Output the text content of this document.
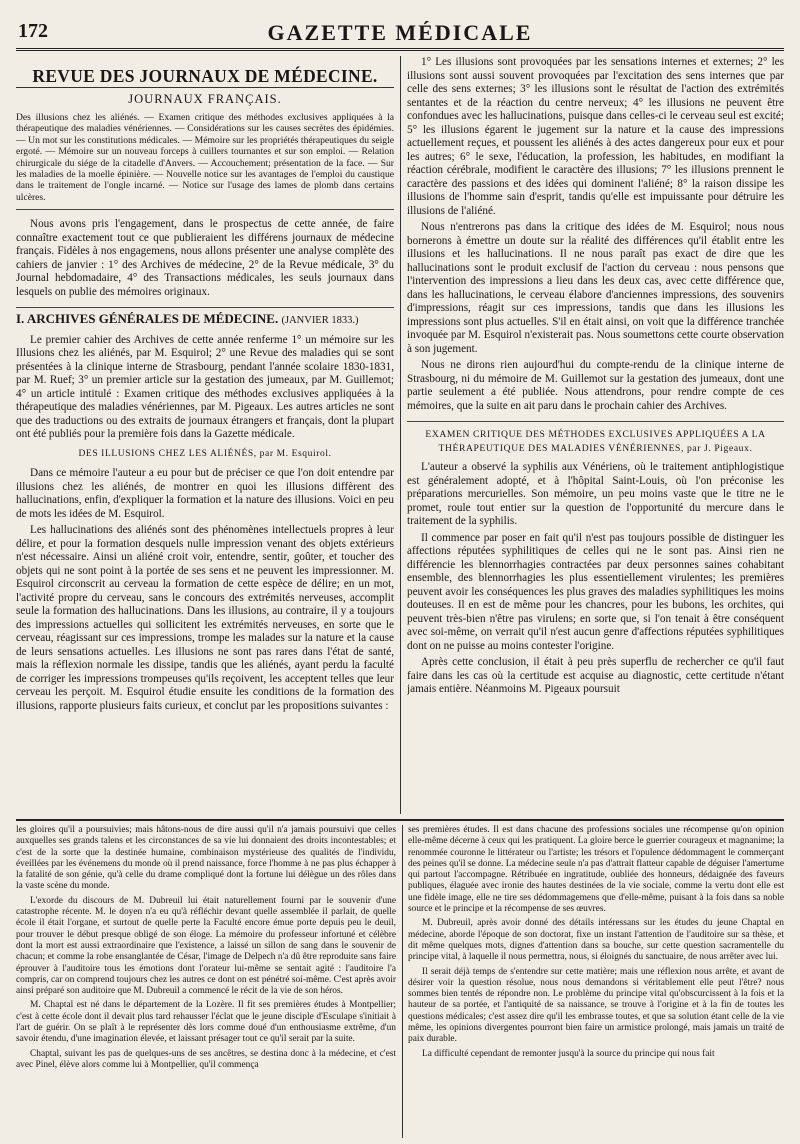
172	GAZETTE MÉDICALE
REVUE DES JOURNAUX DE MÉDECINE.
JOURNAUX FRANÇAIS.
Des illusions chez les aliénés. — Examen critique des méthodes exclusives appliquées à la thérapeutique des maladies vénériennes. — Considérations sur les causes secrètes des épidémies. — Un mot sur les constitutions médicales. — Mémoire sur les propriétés thérapeutiques du seigle ergoté. — Mémoire sur un nouveau forceps à cuillers tournantes et sur son emploi. — Relation chirurgicale du siége de la citadelle d'Anvers. — Accouchement; présentation de la face. — Sur les maladies de la moelle épinière. — Nouvelle notice sur les avantages de l'emploi du caustique dans le traitement de l'ongle incarné. — Notice sur l'usage des lames de plomb dans certains ulcères.

Nous avons pris l'engagement, dans le prospectus de cette année, de faire connaître exactement tout ce que publieraient les différens journaux de médecine français. Fidèles à nos engagemens, nous allons présenter une analyse complète des cahiers de janvier : 1° des Archives de médecine, 2° de la Revue médicale, 3° du Journal hebdomadaire, 4° des Transactions médicales, les seuls journaux dans lesquels on publie des mémoires originaux.

I. ARCHIVES GÉNÉRALES DE MÉDECINE. (JANVIER 1833.)

Le premier cahier des Archives de cette année renferme 1° un mémoire sur les Illusions chez les aliénés, par M. Esquirol; 2° une Revue des maladies qui se sont présentées à la clinique interne de Strasbourg, pendant l'année scolaire 1830-1831, par M. Ruef; 3° un premier article sur la gestation des jumeaux, par M. Guillemot; 4° un article intitulé : Examen critique des méthodes exclusives appliquées à la thérapeutique des maladies vénériennes, par M. Pigeaux. Les autres articles ne sont que des traductions ou des extraits de journaux étrangers et français, dont la plupart ont été publiés pour la première fois dans la Gazette médicale.

DES ILLUSIONS CHEZ LES ALIÉNÉS, par M. Esquirol.

Dans ce mémoire l'auteur a eu pour but de préciser ce que l'on doit entendre par illusions chez les aliénés, de montrer en quoi les illusions diffèrent des hallucinations, enfin, d'expliquer la formation et la nature des illusions. Voici en peu de mots les idées de M. Esquirol.

Les hallucinations des aliénés sont des phénomènes intellectuels propres à leur délire, et pour la formation desquels nulle impression venant des objets extérieurs n'est nécessaire. Ainsi un aliéné croit voir, entendre, sentir, goûter, et toucher des objets qui ne sont point à la portée de ses sens et ne peuvent les impressionner. M. Esquirol circonscrit au cerveau la formation de cette espèce de délire; en un mot, l'activité propre du cerveau, sans le concours des extrémités nerveuses, accomplit seule la formation des hallucinations. Dans les illusions, au contraire, il y a toujours des impressions actuelles qui sollicitent les extrémités nerveuses, en sorte que le cerveau, réagissant sur ces impressions, trompe les malades sur la nature et la cause de leurs sensations actuelles. Les illusions ne sont pas rares dans l'état de santé, mais la réflexion normale les dissipe, tandis que les aliénés, ayant perdu la faculté de corriger les impressions trompeuses qu'ils reçoivent, les acceptent telles que leur cerveau les perçoit. M. Esquirol étudie ensuite les conditions de la formation des illusions, rapporte plusieurs faits curieux, et conclut par les propositions suivantes :

1° Les illusions sont provoquées par les sensations internes et externes; 2° les illusions sont aussi souvent provoquées par l'excitation des sens internes que par celle des sens externes; 3° les illusions sont le résultat de l'action des extrémités sentantes et de la réaction du centre nerveux; 4° les illusions ne peuvent être confondues avec les hallucinations, puisque dans celles-ci le cerveau seul est excité; 5° les illusions égarent le jugement sur la nature et la cause des impressions actuellement reçues, et poussent les aliénés à des actes dangereux pour eux et pour les autres; 6° le sexe, l'éducation, la profession, les habitudes, en modifiant la réaction cérébrale, modifient le caractère des illusions; 7° les illusions prennent le caractère des passions et des idées qui dominent l'aliéné; 8° la raison dissipe les illusions de l'homme sain d'esprit, tandis qu'elle est impuissante pour détruire les illusions de l'aliéné.

Nous n'entrerons pas dans la critique des idées de M. Esquirol; nous nous bornerons à émettre un doute sur la réalité des différences qu'il établit entre les illusions et les hallucinations. Il ne nous paraît pas exact de dire que les hallucinations sont le produit exclusif de l'action du cerveau : nous pensons que l'intervention des impressions a lieu dans les deux cas, avec cette différence que, dans les hallucinations, le cerveau élabore d'anciennes impressions, des souvenirs d'impressions, réagit sur ces impressions, tandis que dans les illusions les impressions sont plus actuelles. S'il en était ainsi, on voit que la différence tranchée invoquée par M. Esquirol n'existerait pas. Nous soumettons cette courte observation à son jugement.

Nous ne dirons rien aujourd'hui du compte-rendu de la clinique interne de Strasbourg, ni du mémoire de M. Guillemot sur la gestation des jumeaux, dont une partie seulement a été publiée. Nous attendrons, pour rendre compte de ces mémoires, que la suite en ait paru dans le prochain cahier des Archives.

EXAMEN CRITIQUE DES MÉTHODES EXCLUSIVES APPLIQUÉES A LA THÉRAPEUTIQUE DES MALADIES VÉNÉRIENNES, par J. Pigeaux.

L'auteur a observé la syphilis aux Vénériens, où le traitement antiphlogistique est généralement adopté, et à l'hôpital Saint-Louis, où l'on préconise les préparations mercurielles. Son mémoire, un peu moins vaste que le titre ne le promet, roule tout entier sur la question de l'opportunité du mercure dans le traitement de la syphilis.

Il commence par poser en fait qu'il n'est pas toujours possible de distinguer les affections réputées syphilitiques de celles qui ne le sont pas. Ainsi rien ne différencie les blennorrhagies contractées par deux personnes saines cohabitant ensemble, des blennorrhagies les plus essentiellement virulentes; les premières peuvent avoir les conséquences les plus graves des maladies syphilitiques les moins douteuses. Il en est de même pour les chancres, pour les bubons, les orchites, qui peuvent très-bien n'être pas virulens; en sorte que, si l'on tenait à être conséquent avec soi-même, on verrait qu'il n'est aucun genre d'affections réputées syphilitiques dont on ne puisse au moins contester l'origine.

Après cette conclusion, il était à peu près superflu de rechercher ce qu'il faut faire dans les cas où la certitude est acquise au diagnostic, cette certitude n'étant jamais entière. Néanmoins M. Pigeaux poursuit

les gloires qu'il a poursuivies; mais hâtons-nous de dire aussi qu'il n'a jamais poursuivi que celles auxquelles ses grands talens et les circonstances de sa vie lui donnaient des droits incontestables; et c'est de la sorte que la destinée humaine, combinaison mystérieuse des qualités de l'individu, éveillées par les événemens du monde où il prend naissance, force l'homme à ne pas plus échapper à la fatalité de son génie, qu'à celle du drame compliqué dont la fortune lui délègue un des rôles dans la vaste scène du monde.

L'exorde du discours de M. Dubreuil lui était naturellement fourni par le souvenir d'une catastrophe récente. M. le doyen n'a eu qu'à réfléchir devant quelle assemblée il parlait, de quelle école il était l'organe, et surtout de quelle perte la Faculté encore émue porte depuis peu le deuil, pour trouver le début presque obligé de son éloge. La mémoire du professeur infortuné et célèbre dont la mort est aussi extraordinaire que l'existence, a laissé un sillon de sang dans le souvenir de chacun; et comme la robe ensanglantée de César, l'image de Delpech n'a dû être reproduite sans faire éprouver à l'auditoire tous les émotions dont l'orateur lui-même se sentait agité : l'auditoire l'a compris, car on comprend toujours chez les autres ce dont on est pénétré soi-même. C'est après avoir ainsi préparé son auditoire que M. Dubreuil a commencé le récit de la vie de son héros.

M. Chaptal est né dans le département de la Lozère. Il fit ses premières études à Montpellier; c'est à cette école dont il devait plus tard rehausser l'éclat que le jeune disciple d'Esculape s'initiait à l'art de guérir. On se plaît à le représenter dès lors comme doué d'un enthousiasme extrême, d'un savoir étendu, d'une imagination élevée, et laissant présager tout ce qu'il serait par la suite.

Chaptal, suivant les pas de quelques-uns de ses ancêtres, se destina donc à la médecine, et c'est avec Pinel, élève alors comme lui à Montpellier, qu'il commença

ses premières études. Il est dans chacune des professions sociales une récompense qu'on opinion elle-même décerne à ceux qui les pratiquent. La gloire berce le guerrier courageux et magnanime; la renommée couronne le littérateur ou l'artiste; les trésors et l'opulence dédommagent le commerçant des peines qu'il se donne. La médecine seule n'a pas d'attrait flatteur capable de déguiser l'amertume qui partout l'accompagne. Rétribuée en ingratitude, oubliée des honneurs, dédaignée des faveurs publiques, élaguée avec ironie des hautes destinées de la vie sociale, comme la vertu dont elle est une fidèle image, elle ne tire ses dédommagemens que d'elle-même, puisant à la fois dans sa noble source et le principe et la récompense de ses œuvres.

M. Dubreuil, après avoir donné des détails intéressans sur les études du jeune Chaptal en médecine, aborde l'époque de son doctorat, fixe un instant l'attention de l'auditoire sur sa thèse, et dit même quelques mots, dignes d'attention dans sa bouche, sur cette question sacramentelle du principe vital, à laquelle il nous permettra, nous, si éloignés du sanctuaire, de nous arrêter avec lui.

Il serait déjà temps de s'entendre sur cette matière; mais une réflexion nous arrête, et avant de désirer voir la question résolue, nous nous demandons si véritablement elle peut l'être? nous sommes bien tentés de répondre non. Le problème du principe vital qu'obscurcissent à la fois et la hauteur de sa portée, et l'antiquité de sa naissance, se trouve à l'origine et à la fin de toutes les questions médicales; c'est assez dire qu'il les embrasse toutes, et que sa solution étant celle de la vie même, les opinions divergentes pourront bien faire un armistice prolongé, mais jamais un traité de paix durable.

La difficulté cependant de remonter jusqu'à la source du principe qui nous fait
